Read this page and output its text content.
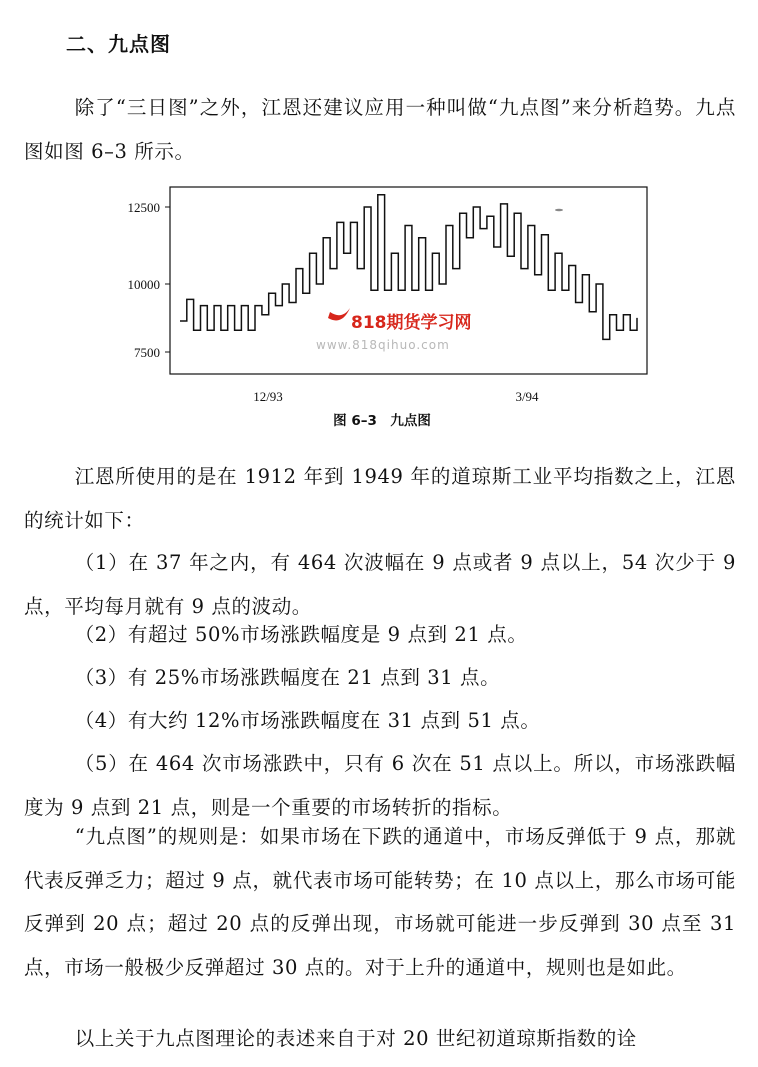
二、九点图

除了“三日图”之外，江恩还建议应用一种叫做“九点图”来分析趋势。九点图如图 6–3 所示。

12500
10000
7500
12/93	3/94
818期货学习网
www.818qihuo.com
图 6–3　九点图

江恩所使用的是在 1912 年到 1949 年的道琼斯工业平均指数之上，江恩的统计如下：

（1）在 37 年之内，有 464 次波幅在 9 点或者 9 点以上，54 次少于 9 点，平均每月就有 9 点的波动。

（2）有超过 50%市场涨跌幅度是 9 点到 21 点。

（3）有 25%市场涨跌幅度在 21 点到 31 点。

（4）有大约 12%市场涨跌幅度在 31 点到 51 点。

（5）在 464 次市场涨跌中，只有 6 次在 51 点以上。所以，市场涨跌幅度为 9 点到 21 点，则是一个重要的市场转折的指标。

“九点图”的规则是：如果市场在下跌的通道中，市场反弹低于 9 点，那就代表反弹乏力；超过 9 点，就代表市场可能转势；在 10 点以上，那么市场可能反弹到 20 点；超过 20 点的反弹出现，市场就可能进一步反弹到 30 点至 31 点，市场一般极少反弹超过 30 点的。对于上升的通道中，规则也是如此。

以上关于九点图理论的表述来自于对 20 世纪初道琼斯指数的诠
